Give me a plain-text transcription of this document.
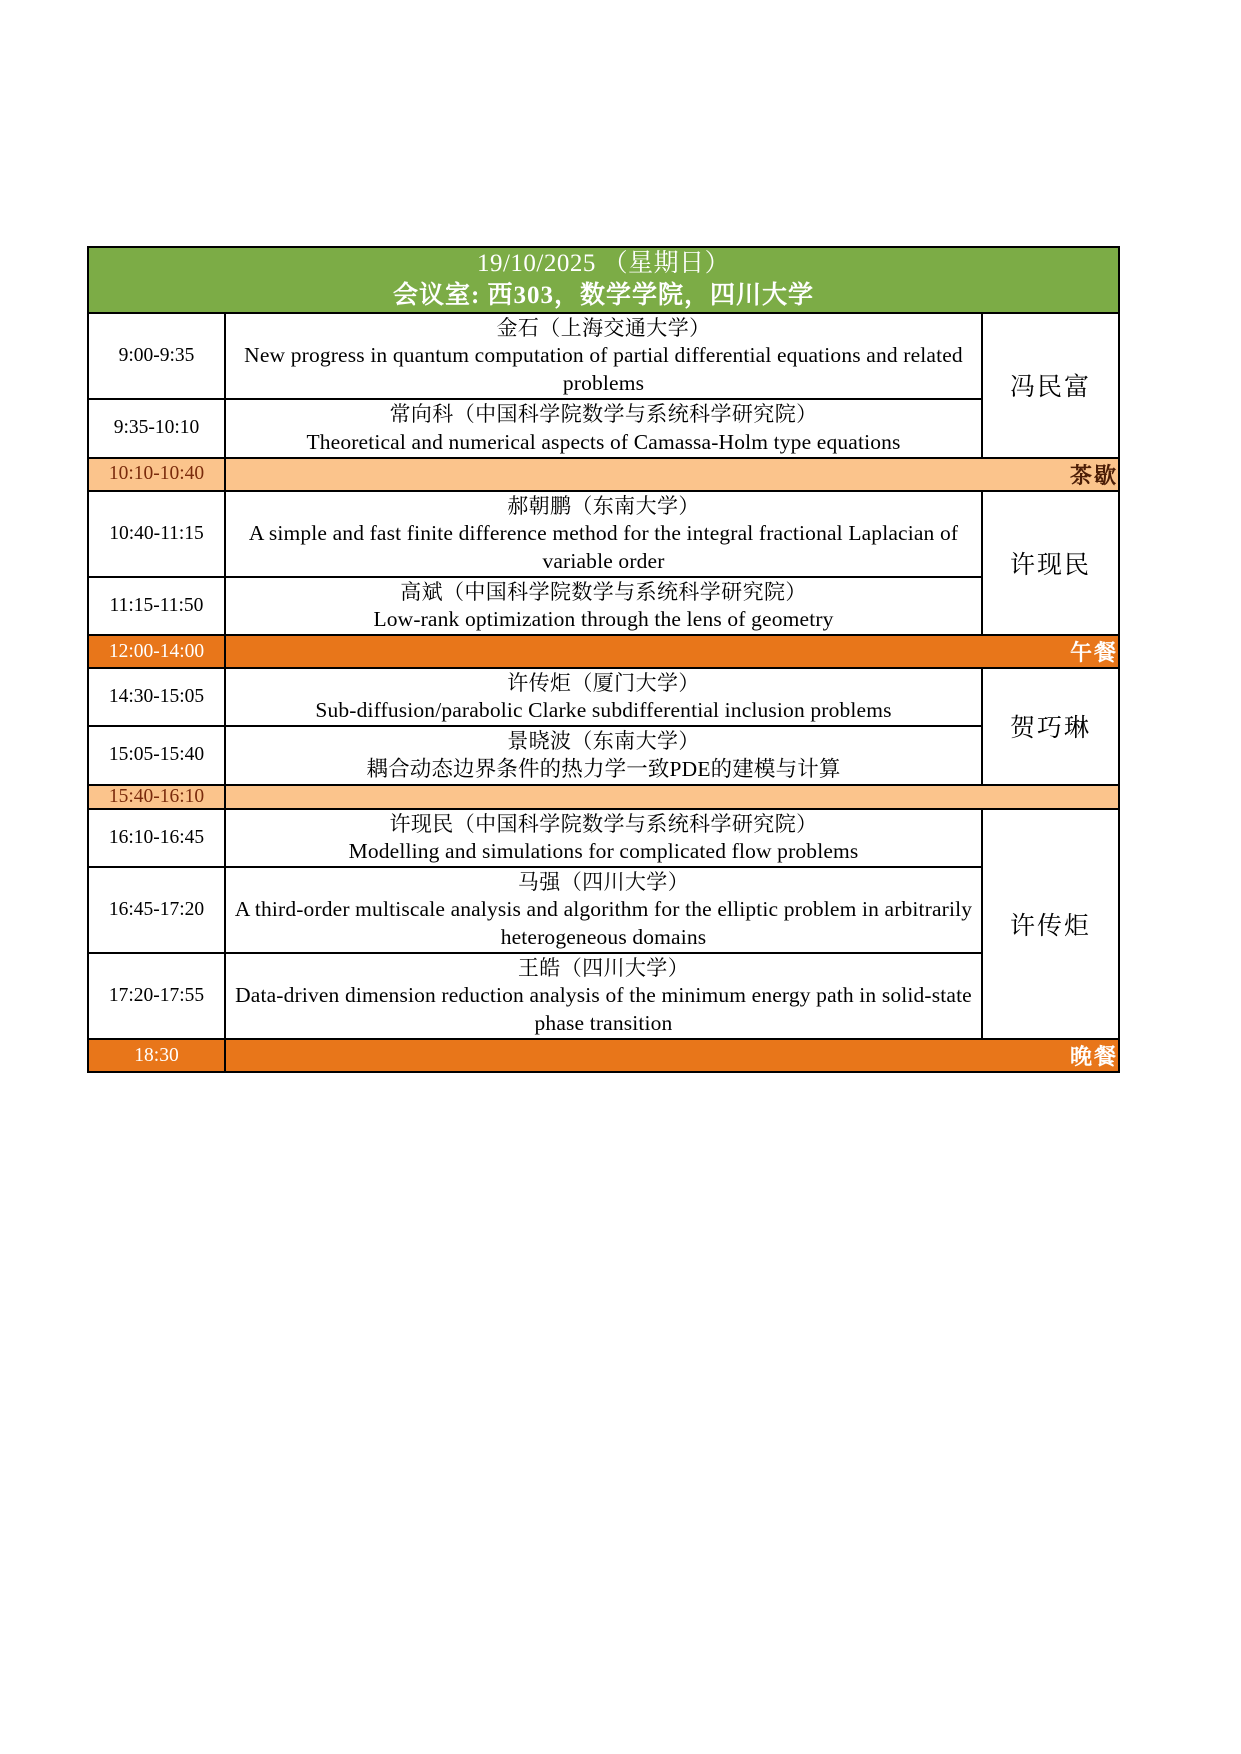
19/10/2025 （星期日）
会议室: 西303，数学学院，四川大学		

9:00-9:35	金石（上海交通大学）
New progress in quantum computation of partial differential equations and related problems	冯民富
9:35-10:10	常向科（中国科学院数学与系统科学研究院）
Theoretical and numerical aspects of Camassa-Holm type equations	

10:10-10:40	茶歇	
10:40-11:15	郝朝鹏（东南大学）
A simple and fast finite difference method for the integral fractional Laplacian of variable order	许现民
11:15-11:50	高斌（中国科学院数学与系统科学研究院）
Low-rank optimization through the lens of geometry	

12:00-14:00	午餐	
14:30-15:05	许传炬（厦门大学）
Sub-diffusion/parabolic Clarke subdifferential inclusion problems	贺巧琳
15:05-15:40	景晓波（东南大学）
耦合动态边界条件的热力学一致PDE的建模与计算	

15:40-16:10		
16:10-16:45	许现民（中国科学院数学与系统科学研究院）
Modelling and simulations for complicated flow problems	许传炬
16:45-17:20	马强（四川大学）
A third-order multiscale analysis and algorithm for the elliptic problem in arbitrarily heterogeneous domains	

17:20-17:55	王皓（四川大学）
Data-driven dimension reduction analysis of the minimum energy path in solid-state phase transition	

18:30	晚餐	
